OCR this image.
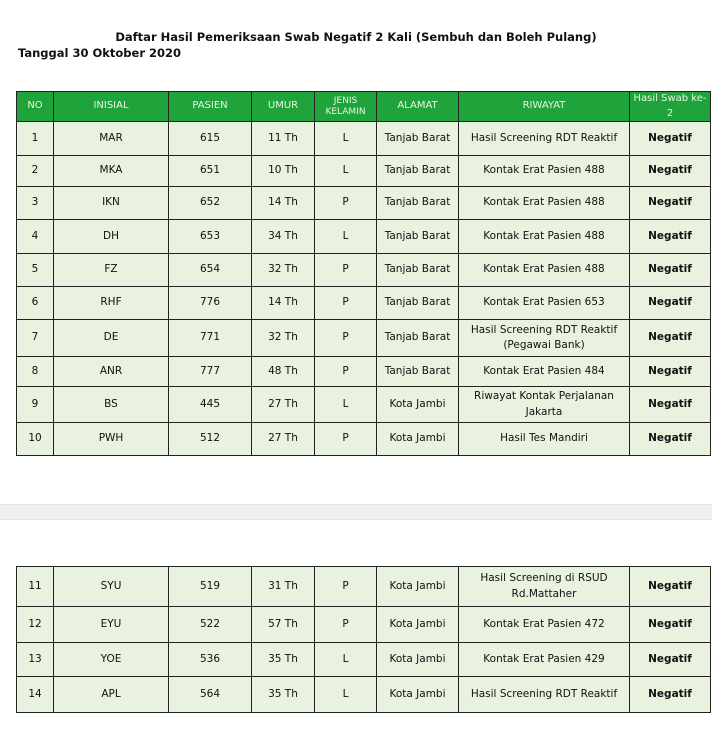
Daftar Hasil Pemeriksaan Swab Negatif 2 Kali (Sembuh dan Boleh Pulang)
Tanggal 30 Oktober 2020
NO	INISIAL	PASIEN	UMUR	JENIS KELAMIN	ALAMAT	RIWAYAT	Hasil Swab ke-2
1	MAR	615	11 Th	L	Tanjab Barat	Hasil Screening RDT Reaktif	Negatif
2	MKA	651	10 Th	L	Tanjab Barat	Kontak Erat Pasien 488	Negatif
3	IKN	652	14 Th	P	Tanjab Barat	Kontak Erat Pasien 488	Negatif
4	DH	653	34 Th	L	Tanjab Barat	Kontak Erat Pasien 488	Negatif
5	FZ	654	32 Th	P	Tanjab Barat	Kontak Erat Pasien 488	Negatif
6	RHF	776	14 Th	P	Tanjab Barat	Kontak Erat Pasien 653	Negatif
7	DE	771	32 Th	P	Tanjab Barat	Hasil Screening RDT Reaktif (Pegawai Bank)	Negatif
8	ANR	777	48 Th	P	Tanjab Barat	Kontak Erat Pasien 484	Negatif
9	BS	445	27 Th	L	Kota Jambi	Riwayat Kontak Perjalanan Jakarta	Negatif
10	PWH	512	27 Th	P	Kota Jambi	Hasil Tes Mandiri	Negatif
11	SYU	519	31 Th	P	Kota Jambi	Hasil Screening di RSUD Rd.Mattaher	Negatif
12	EYU	522	57 Th	P	Kota Jambi	Kontak Erat Pasien 472	Negatif
13	YOE	536	35 Th	L	Kota Jambi	Kontak Erat Pasien 429	Negatif
14	APL	564	35 Th	L	Kota Jambi	Hasil Screening RDT Reaktif	Negatif
